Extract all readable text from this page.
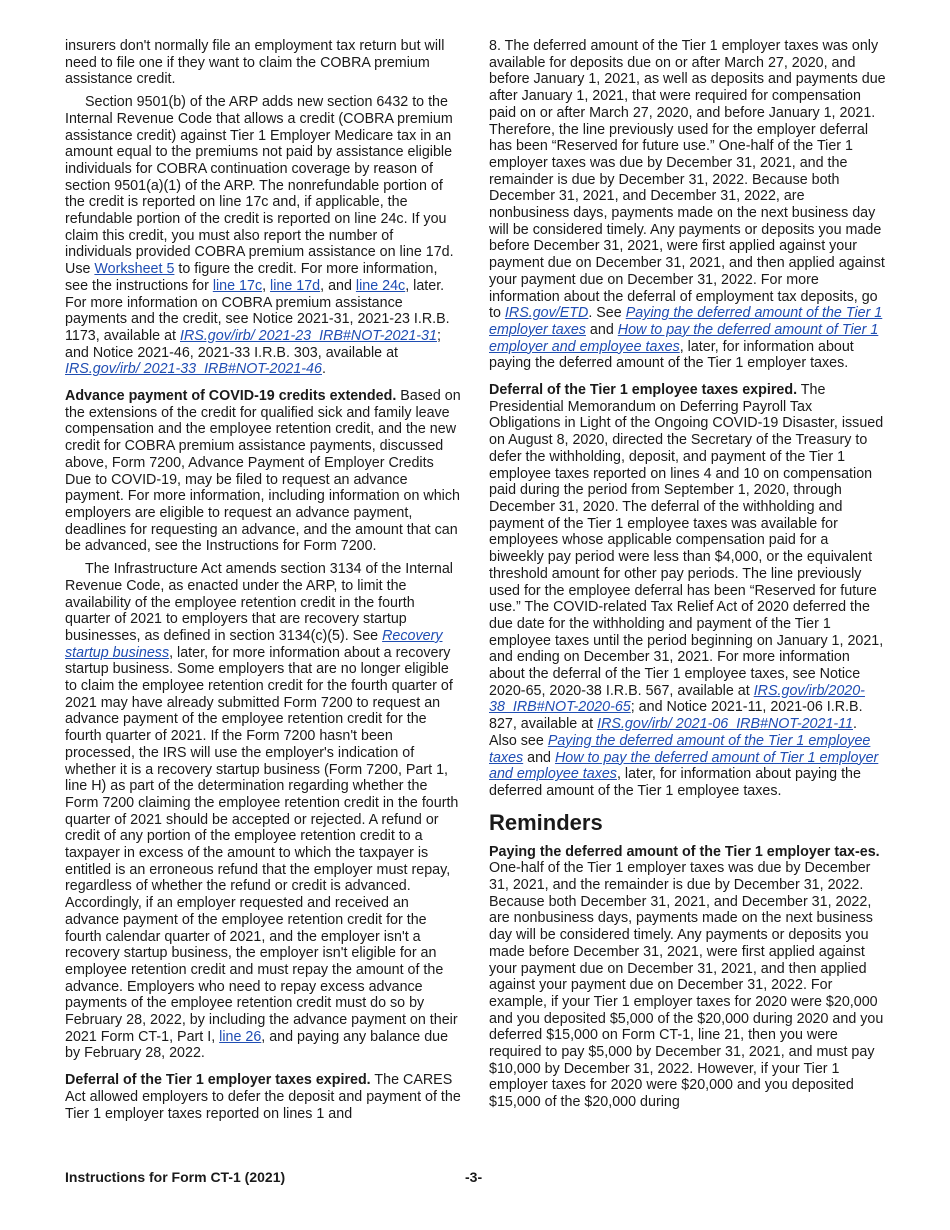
insurers don't normally file an employment tax return but will need to file one if they want to claim the COBRA premium assistance credit.

Section 9501(b) of the ARP adds new section 6432 to the Internal Revenue Code that allows a credit (COBRA premium assistance credit) against Tier 1 Employer Medicare tax in an amount equal to the premiums not paid by assistance eligible individuals for COBRA continuation coverage by reason of section 9501(a)(1) of the ARP. The nonrefundable portion of the credit is reported on line 17c and, if applicable, the refundable portion of the credit is reported on line 24c. If you claim this credit, you must also report the number of individuals provided COBRA premium assistance on line 17d. Use Worksheet 5 to figure the credit. For more information, see the instructions for line 17c, line 17d, and line 24c, later. For more information on COBRA premium assistance payments and the credit, see Notice 2021-31, 2021-23 I.R.B. 1173, available at IRS.gov/irb/ 2021-23_IRB#NOT-2021-31; and Notice 2021-46, 2021-33 I.R.B. 303, available at IRS.gov/irb/ 2021-33_IRB#NOT-2021-46.

Advance payment of COVID-19 credits extended. Based on the extensions of the credit for qualified sick and family leave compensation and the employee retention credit, and the new credit for COBRA premium assistance payments, discussed above, Form 7200, Advance Payment of Employer Credits Due to COVID-19, may be filed to request an advance payment. For more information, including information on which employers are eligible to request an advance payment, deadlines for requesting an advance, and the amount that can be advanced, see the Instructions for Form 7200.

The Infrastructure Act amends section 3134 of the Internal Revenue Code, as enacted under the ARP, to limit the availability of the employee retention credit in the fourth quarter of 2021 to employers that are recovery startup businesses, as defined in section 3134(c)(5). See Recovery startup business, later, for more information about a recovery startup business. Some employers that are no longer eligible to claim the employee retention credit for the fourth quarter of 2021 may have already submitted Form 7200 to request an advance payment of the employee retention credit for the fourth quarter of 2021. If the Form 7200 hasn't been processed, the IRS will use the employer's indication of whether it is a recovery startup business (Form 7200, Part 1, line H) as part of the determination regarding whether the Form 7200 claiming the employee retention credit in the fourth quarter of 2021 should be accepted or rejected. A refund or credit of any portion of the employee retention credit to a taxpayer in excess of the amount to which the taxpayer is entitled is an erroneous refund that the employer must repay, regardless of whether the refund or credit is advanced. Accordingly, if an employer requested and received an advance payment of the employee retention credit for the fourth calendar quarter of 2021, and the employer isn't a recovery startup business, the employer isn't eligible for an employee retention credit and must repay the amount of the advance. Employers who need to repay excess advance payments of the employee retention credit must do so by February 28, 2022, by including the advance payment on their 2021 Form CT-1, Part I, line 26, and paying any balance due by February 28, 2022.

Deferral of the Tier 1 employer taxes expired. The CARES Act allowed employers to defer the deposit and payment of the Tier 1 employer taxes reported on lines 1 and

8. The deferred amount of the Tier 1 employer taxes was only available for deposits due on or after March 27, 2020, and before January 1, 2021, as well as deposits and payments due after January 1, 2021, that were required for compensation paid on or after March 27, 2020, and before January 1, 2021. Therefore, the line previously used for the employer deferral has been “Reserved for future use.” One-half of the Tier 1 employer taxes was due by December 31, 2021, and the remainder is due by December 31, 2022. Because both December 31, 2021, and December 31, 2022, are nonbusiness days, payments made on the next business day will be considered timely. Any payments or deposits you made before December 31, 2021, were first applied against your payment due on December 31, 2021, and then applied against your payment due on December 31, 2022. For more information about the deferral of employment tax deposits, go to IRS.gov/ETD. See Paying the deferred amount of the Tier 1 employer taxes and How to pay the deferred amount of Tier 1 employer and employee taxes, later, for information about paying the deferred amount of the Tier 1 employer taxes.

Deferral of the Tier 1 employee taxes expired. The Presidential Memorandum on Deferring Payroll Tax Obligations in Light of the Ongoing COVID-19 Disaster, issued on August 8, 2020, directed the Secretary of the Treasury to defer the withholding, deposit, and payment of the Tier 1 employee taxes reported on lines 4 and 10 on compensation paid during the period from September 1, 2020, through December 31, 2020. The deferral of the withholding and payment of the Tier 1 employee taxes was available for employees whose applicable compensation paid for a biweekly pay period were less than $4,000, or the equivalent threshold amount for other pay periods. The line previously used for the employee deferral has been “Reserved for future use.” The COVID-related Tax Relief Act of 2020 deferred the due date for the withholding and payment of the Tier 1 employee taxes until the period beginning on January 1, 2021, and ending on December 31, 2021. For more information about the deferral of the Tier 1 employee taxes, see Notice 2020-65, 2020-38 I.R.B. 567, available at IRS.gov/irb/2020-38_IRB#NOT-2020-65; and Notice 2021-11, 2021-06 I.R.B. 827, available at IRS.gov/irb/ 2021-06_IRB#NOT-2021-11. Also see Paying the deferred amount of the Tier 1 employee taxes and How to pay the deferred amount of Tier 1 employer and employee taxes, later, for information about paying the deferred amount of the Tier 1 employee taxes.

Reminders

Paying the deferred amount of the Tier 1 employer tax-es. One-half of the Tier 1 employer taxes was due by December 31, 2021, and the remainder is due by December 31, 2022. Because both December 31, 2021, and December 31, 2022, are nonbusiness days, payments made on the next business day will be considered timely. Any payments or deposits you made before December 31, 2021, were first applied against your payment due on December 31, 2021, and then applied against your payment due on December 31, 2022. For example, if your Tier 1 employer taxes for 2020 were $20,000 and you deposited $5,000 of the $20,000 during 2020 and you deferred $15,000 on Form CT-1, line 21, then you were required to pay $5,000 by December 31, 2021, and must pay $10,000 by December 31, 2022. However, if your Tier 1 employer taxes for 2020 were $20,000 and you deposited $15,000 of the $20,000 during

Instructions for Form CT-1 (2021)	-3-
